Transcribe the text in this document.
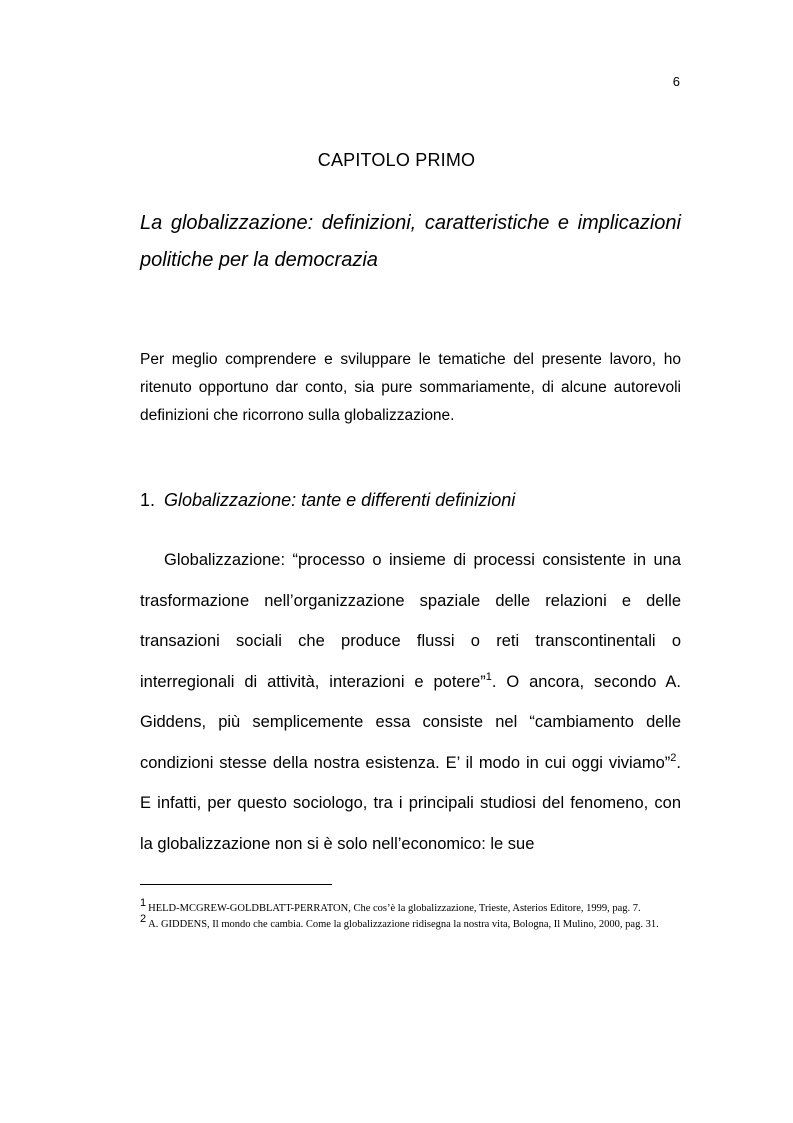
6
CAPITOLO PRIMO
La globalizzazione: definizioni, caratteristiche e implicazioni politiche per la democrazia

Per meglio comprendere e sviluppare le tematiche del presente lavoro, ho ritenuto opportuno dar conto, sia pure sommariamente, di alcune autorevoli definizioni che ricorrono sulla globalizzazione.

1. Globalizzazione: tante e differenti definizioni

Globalizzazione: “processo o insieme di processi consistente in una trasformazione nell’organizzazione spaziale delle relazioni e delle transazioni sociali che produce flussi o reti transcontinentali o interregionali di attività, interazioni e potere”$^1$. O ancora, secondo A. Giddens, più semplicemente essa consiste nel “cambiamento delle condizioni stesse della nostra esistenza. E’ il modo in cui oggi viviamo”$^2$. E infatti, per questo sociologo, tra i principali studiosi del fenomeno, con la globalizzazione non si è solo nell’economico: le sue

1 HELD-MCGREW-GOLDBLATT-PERRATON, Che cos’è la globalizzazione, Trieste, Asterios Editore, 1999, pag. 7.

2 A. GIDDENS, Il mondo che cambia. Come la globalizzazione ridisegna la nostra vita, Bologna, Il Mulino, 2000, pag. 31.
